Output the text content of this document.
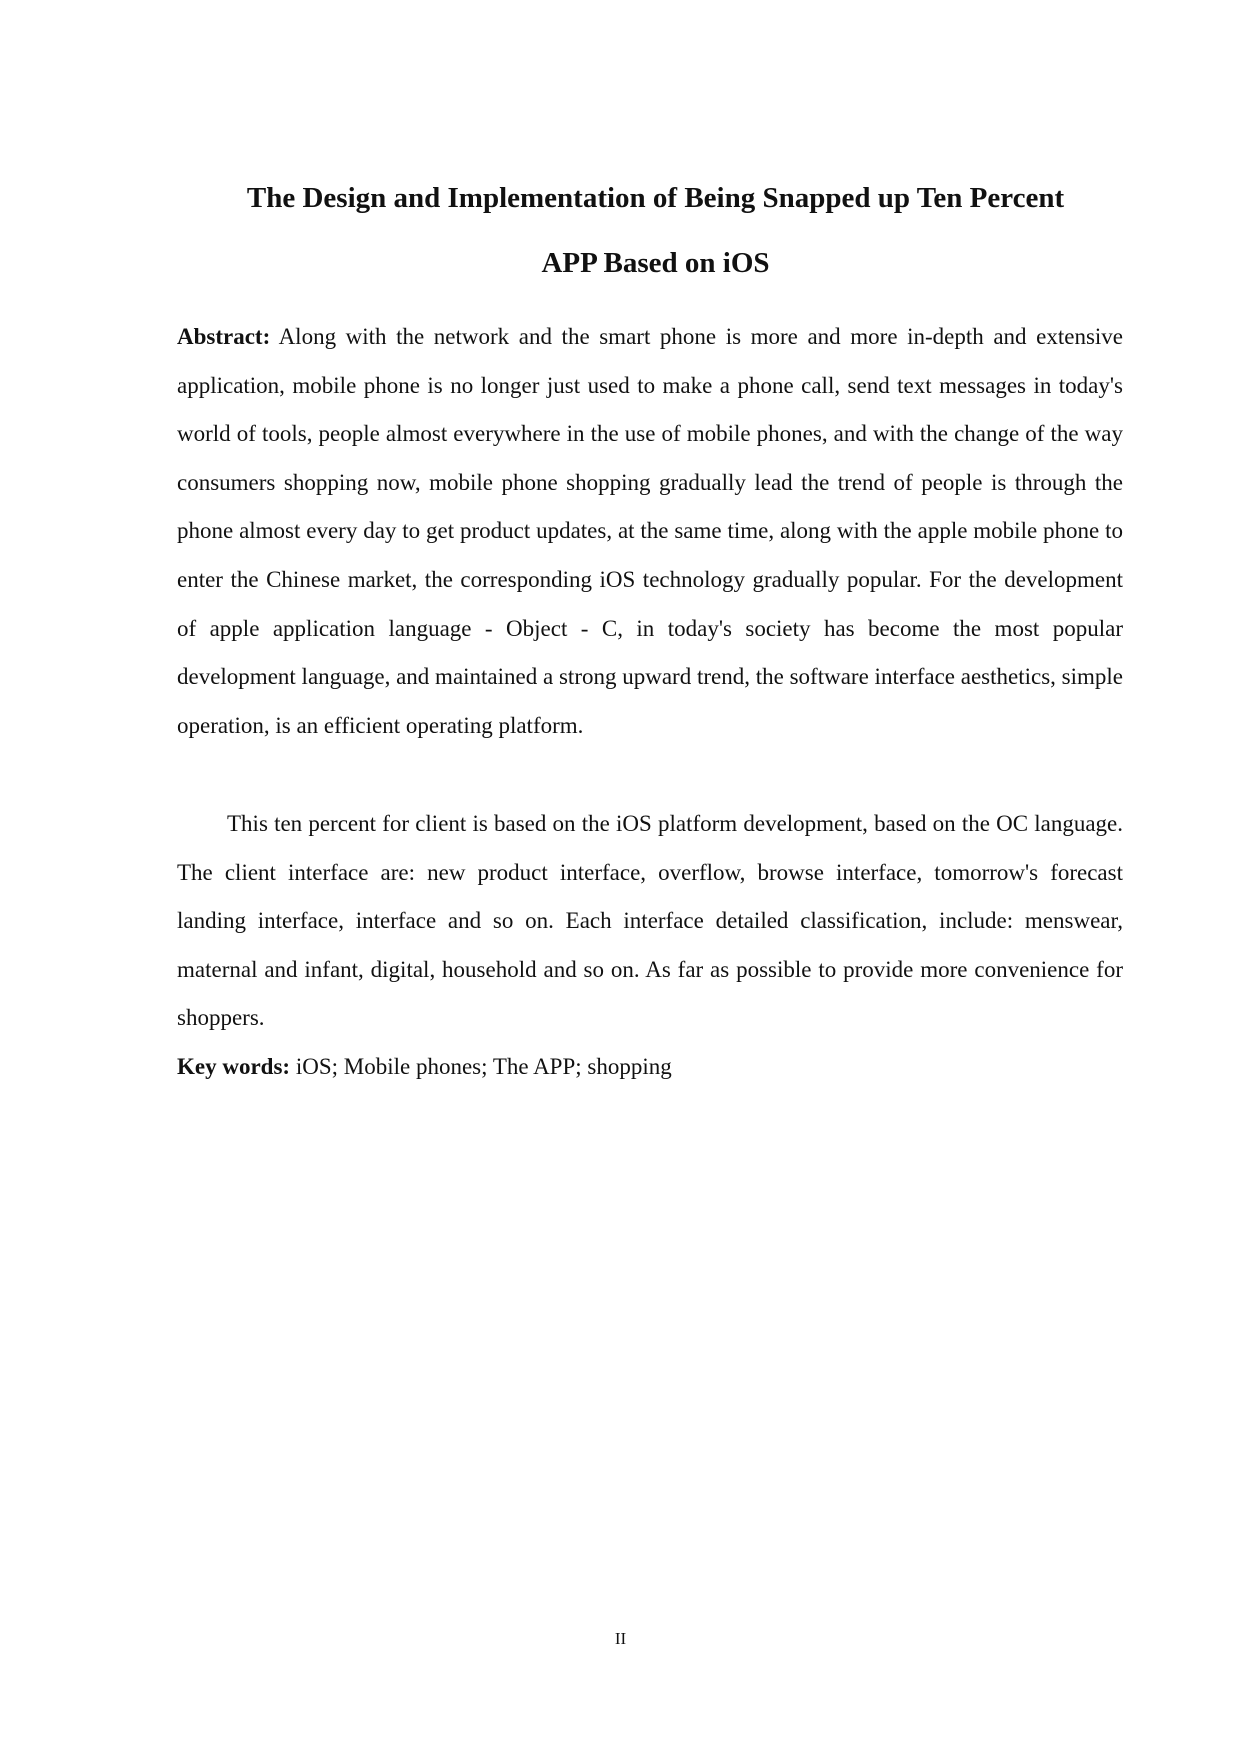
The Design and Implementation of Being Snapped up Ten Percent
APP Based on iOS

Abstract: Along with the network and the smart phone is more and more in-depth and extensive application, mobile phone is no longer just used to make a phone call, send text messages in today's world of tools, people almost everywhere in the use of mobile phones, and with the change of the way consumers shopping now, mobile phone shopping gradually lead the trend of people is through the phone almost every day to get product updates, at the same time, along with the apple mobile phone to enter the Chinese market, the corresponding iOS technology gradually popular. For the development of apple application language - Object - C, in today's society has become the most popular development language, and maintained a strong upward trend, the software interface aesthetics, simple operation, is an efficient operating platform.

This ten percent for client is based on the iOS platform development, based on the OC language. The client interface are: new product interface, overflow, browse interface, tomorrow's forecast landing interface, interface and so on. Each interface detailed classification, include: menswear, maternal and infant, digital, household and so on. As far as possible to provide more convenience for shoppers.

Key words: iOS; Mobile phones; The APP; shopping

II
